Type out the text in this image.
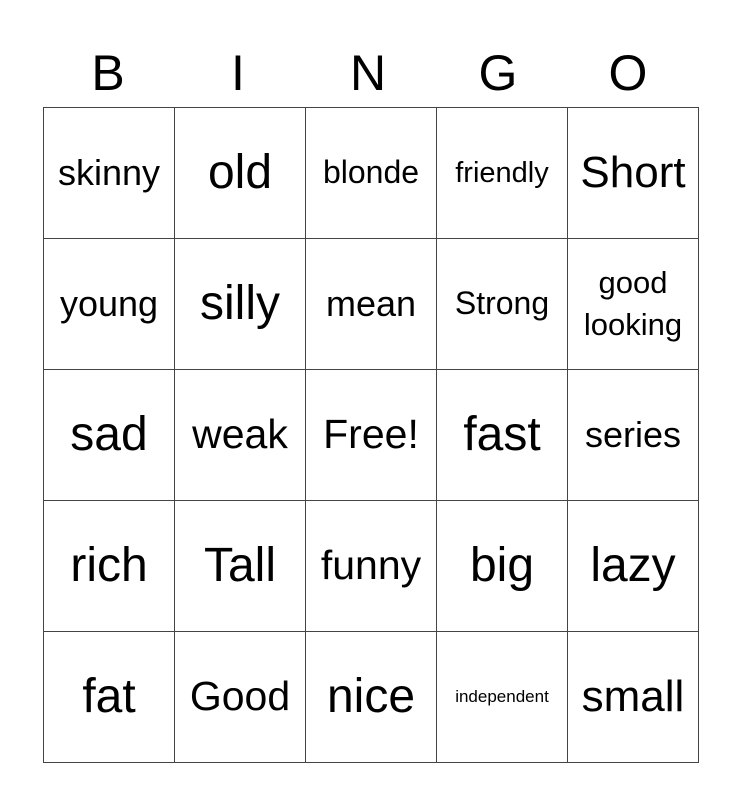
B	I	N	G	O
skinny	old	blonde	friendly	Short

young	silly	mean	Strong	good
looking

sad	weak	Free!	fast	series

rich	Tall	funny	big	lazy

fat	Good	nice	independent	small
